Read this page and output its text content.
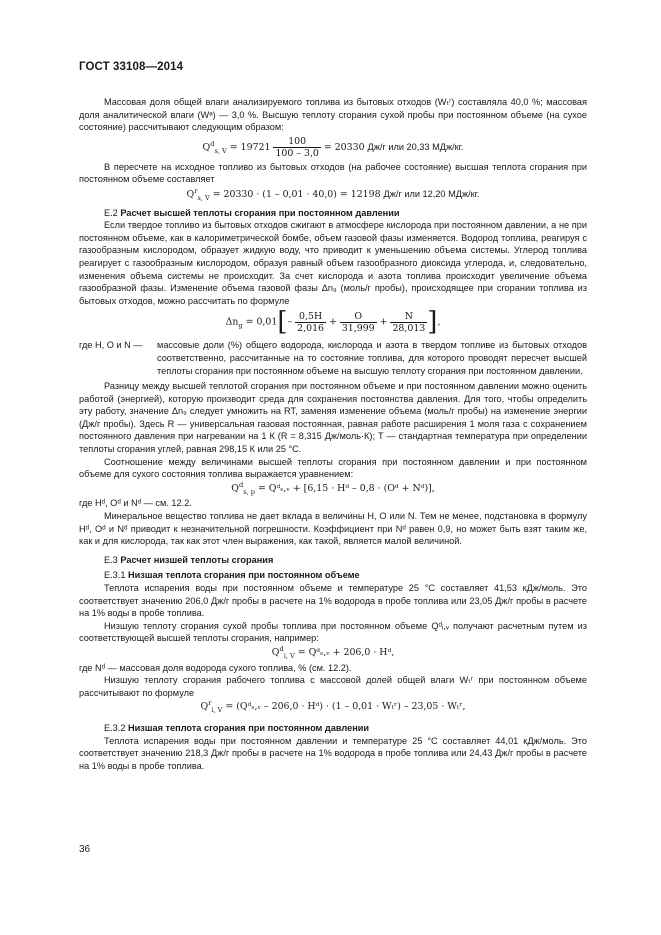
ГОСТ 33108—2014

Массовая доля общей влаги анализируемого топлива из бытовых отходов (Wₜʳ) составляла 40,0 %; массовая доля аналитической влаги (Wᵃ) — 3,0 %. Высшую теплоту сгорания сухой пробы при постоянном объеме (на сухое состояние) рассчитывают следующим образом:

$Q^d_{s, V} = 19721 \frac{100}{100 - 3,0} = 20330$ Дж/г или 20,33 МДж/кг.

В пересчете на исходное топливо из бытовых отходов (на рабочее состояние) высшая теплота сгорания при постоянном объеме составляет

$Q^r_{s, V} = 20330 \cdot (1 - 0,01 \cdot 40,0) = 12198$ Дж/г или 12,20 МДж/кг.

Е.2 Расчет высшей теплоты сгорания при постоянном давлении

Если твердое топливо из бытовых отходов сжигают в атмосфере кислорода при постоянном давлении, а не при постоянном объеме, как в калориметрической бомбе, объем газовой фазы изменяется. Водород топлива, реагируя с газообразным кислородом, образует жидкую воду, что приводит к уменьшению объема системы. Углерод топлива реагирует с газообразным кислородом, образуя равный объем газообразного диоксида углерода, и, следовательно, изменения объема системы не происходит. За счет кислорода и азота топлива происходит увеличение объема газообразной фазы. Изменение объема газовой фазы Δn₉ (моль/г пробы), происходящее при сгорании топлива из бытовых отходов, можно рассчитать по формуле

$\Delta n_g = 0,01[- \frac{0,5H}{2,016} + \frac{O}{31,999} + \frac{N}{28,013}$ ],
где Н, О и N —	массовые доли (%) общего водорода, кислорода и азота в твердом топливе из бытовых отходов соответственно, рассчитанные на то состояние топлива, для которого проводят пересчет высшей теплоты сгорания при постоянном объеме на высшую теплоту сгорания при постоянном давлении.

Разницу между высшей теплотой сгорания при постоянном объеме и при постоянном давлении можно оценить работой (энергией), которую производит среда для сохранения постоянства давления. Для того, чтобы определить эту работу, значение Δn₉ следует умножить на RT, заменяя изменение объема (моль/г пробы) на изменение энергии (Дж/г пробы). Здесь R — универсальная газовая постоянная, равная работе расширения 1 моля газа с сохранением постоянного давления при нагревании на 1 К (R = 8,315 Дж/моль·К); T — стандартная температура при определении теплоты сгорания углей, равная 298,15 К или 25 °С.

Соотношение между величинами высшей теплоты сгорания при постоянном давлении и при постоянном объеме для сухого состояния топлива выражается уравнением:

$Q^d_{s, p}$ = Qᵈₛ,ᵥ + [6,15 · Hᵈ – 0,8 · (Oᵈ + Nᵈ)],

где Hᵈ, Oᵈ и Nᵈ — см. 12.2.

Минеральное вещество топлива не дает вклада в величины Н, О или N. Тем не менее, подстановка в формулу Hᵈ, Oᵈ и Nᵈ приводит к незначительной погрешности. Коэффициент при Nᵈ равен 0,9, но может быть взят таким же, как и для кислорода, так как этот член выражения, как такой, является малой величиной.

Е.3 Расчет низшей теплоты сгорания

Е.3.1 Низшая теплота сгорания при постоянном объеме

Теплота испарения воды при постоянном объеме и температуре 25 °С составляет 41,53 кДж/моль. Это соответствует значению 206,0 Дж/г пробы в расчете на 1% водорода в пробе топлива или 23,05 Дж/г пробы в расчете на 1% воды в пробе топлива.

Низшую теплоту сгорания сухой пробы топлива при постоянном объеме Qᵈᵢ,ᵥ получают расчетным путем из соответствующей высшей теплоты сгорания, например:

$Q^d_{i, V}$ = Qᵈₛ,ᵥ + 206,0 · Hᵈ,

где Nᵈ — массовая доля водорода сухого топлива, % (см. 12.2).

Низшую теплоту сгорания рабочего топлива с массовой долей общей влаги Wₜʳ при постоянном объеме рассчитывают по формуле

$Q^r_{i, V}$ = (Qᵈₛ,ᵥ – 206,0 · Hᵈ) · (1 – 0,01 · Wₜʳ) – 23,05 · Wₜʳ,

Е.3.2 Низшая теплота сгорания при постоянном давлении

Теплота испарения воды при постоянном давлении и температуре 25 °С составляет 44,01 кДж/моль. Это соответствует значению 218,3 Дж/г пробы в расчете на 1% водорода в пробе топлива или 24,43 Дж/г пробы в расчете на 1% воды в пробе топлива.

36
